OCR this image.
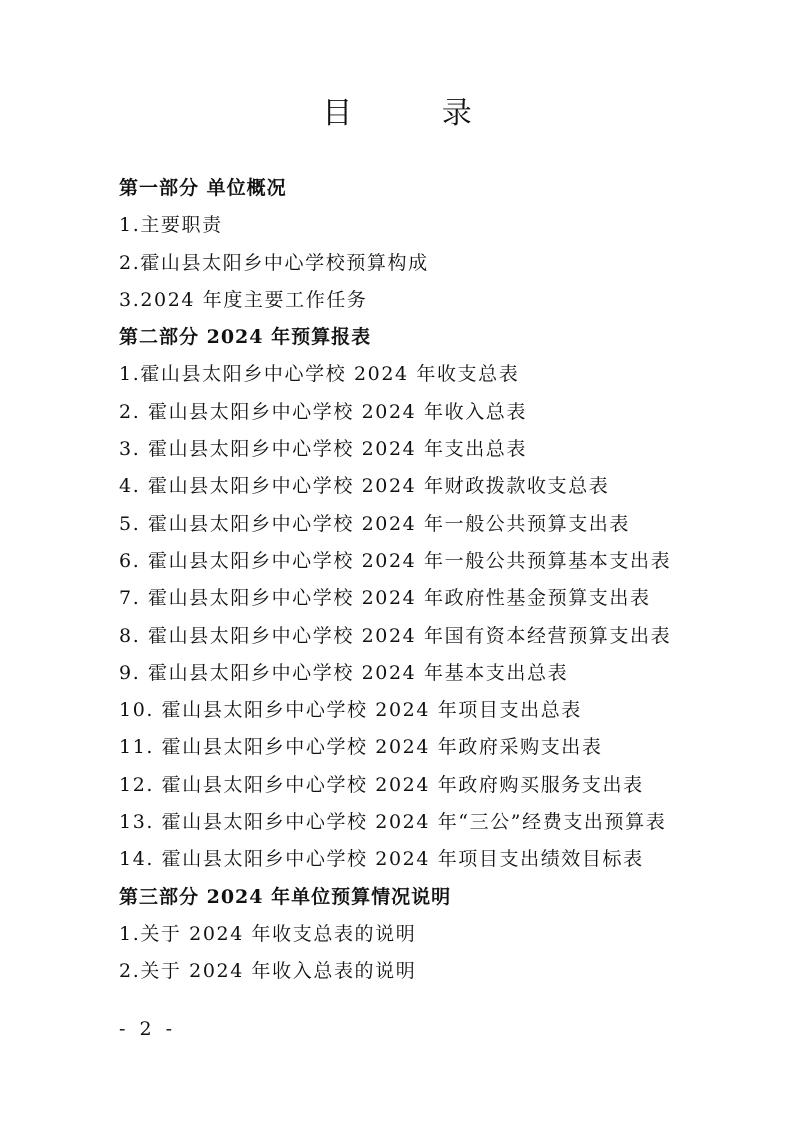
目 录
第一部分 单位概况
1.主要职责
2.霍山县太阳乡中心学校预算构成
3.2024 年度主要工作任务
第二部分 2024 年预算报表
1.霍山县太阳乡中心学校 2024 年收支总表
2. 霍山县太阳乡中心学校 2024 年收入总表
3. 霍山县太阳乡中心学校 2024 年支出总表
4. 霍山县太阳乡中心学校 2024 年财政拨款收支总表
5. 霍山县太阳乡中心学校 2024 年一般公共预算支出表
6. 霍山县太阳乡中心学校 2024 年一般公共预算基本支出表
7. 霍山县太阳乡中心学校 2024 年政府性基金预算支出表
8. 霍山县太阳乡中心学校 2024 年国有资本经营预算支出表
9. 霍山县太阳乡中心学校 2024 年基本支出总表
10. 霍山县太阳乡中心学校 2024 年项目支出总表
11. 霍山县太阳乡中心学校 2024 年政府采购支出表
12. 霍山县太阳乡中心学校 2024 年政府购买服务支出表
13. 霍山县太阳乡中心学校 2024 年“三公”经费支出预算表
14. 霍山县太阳乡中心学校 2024 年项目支出绩效目标表
第三部分 2024 年单位预算情况说明
1.关于 2024 年收支总表的说明
2.关于 2024 年收入总表的说明
- 2 -
